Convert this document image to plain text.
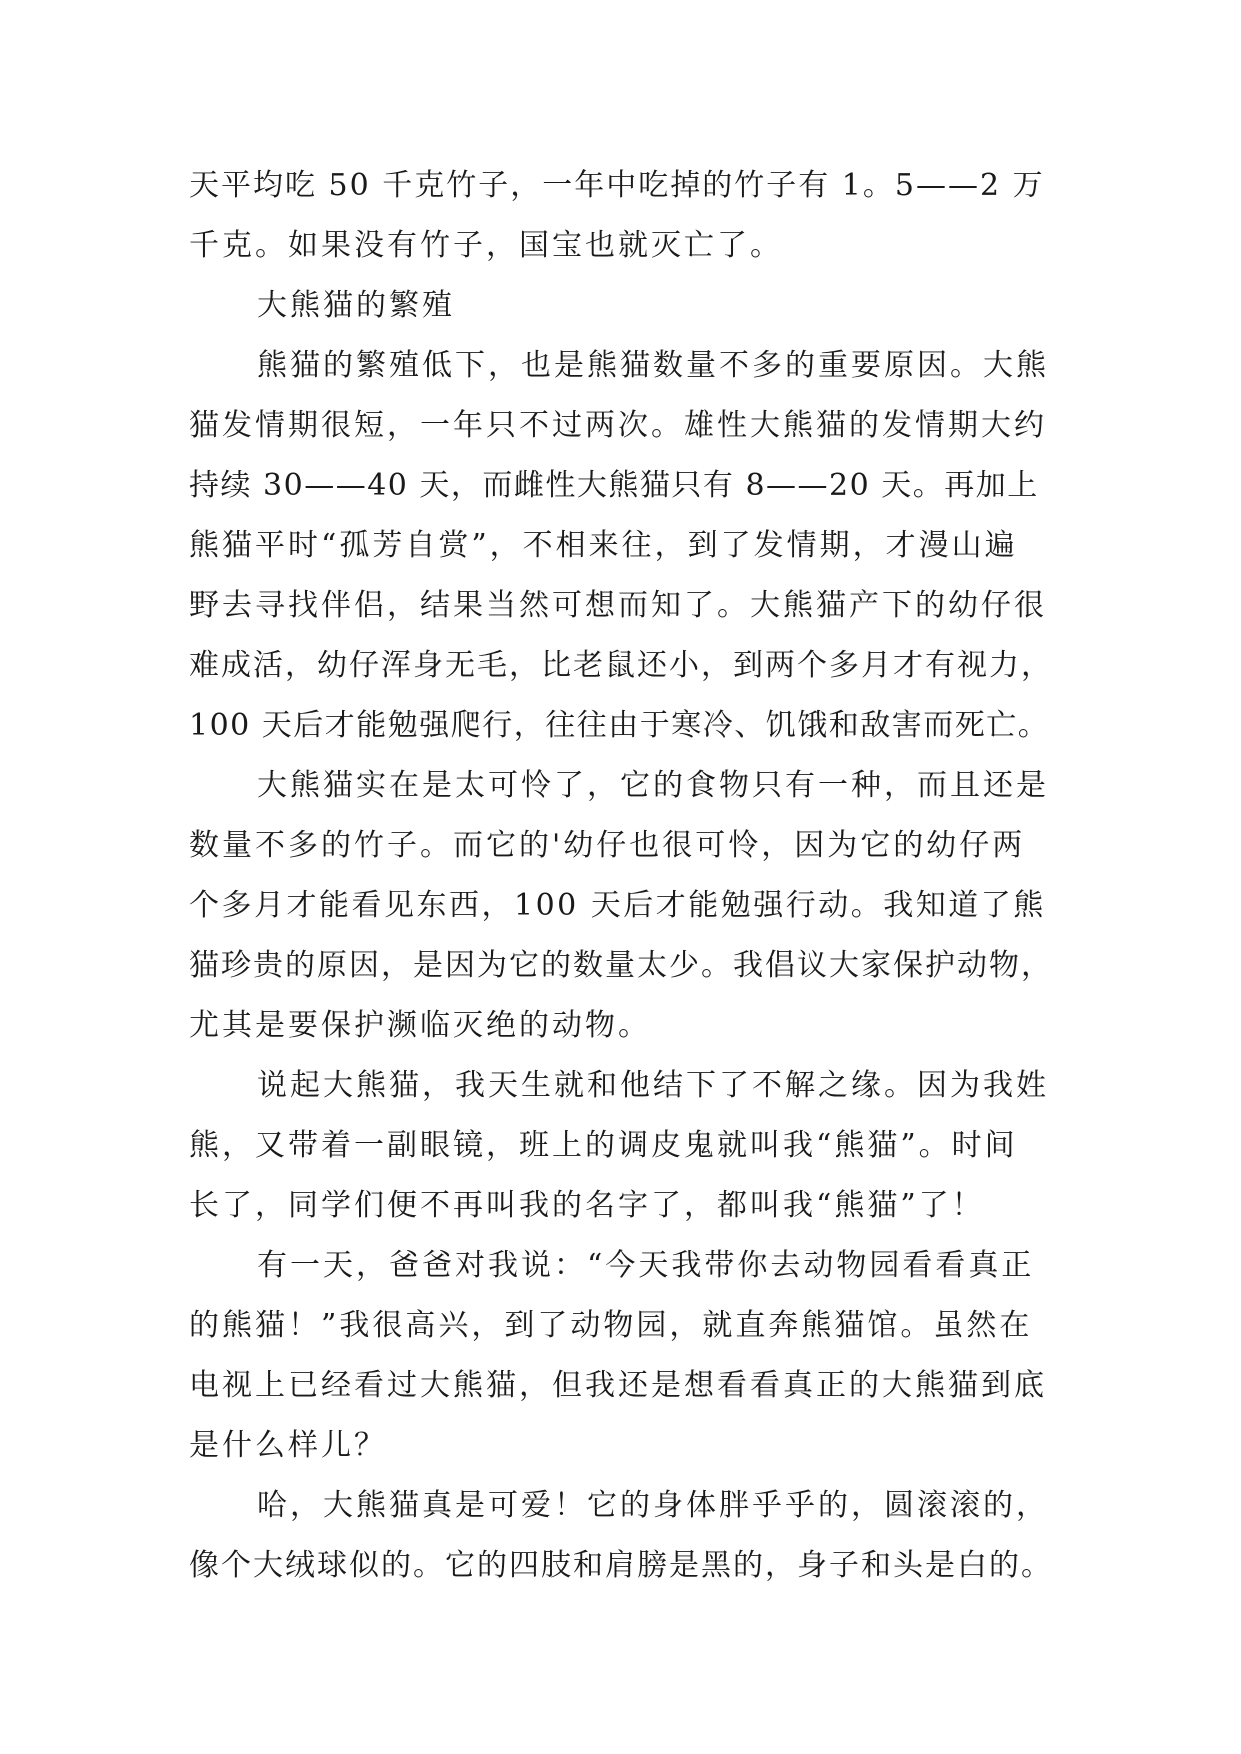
天平均吃 50 千克竹子，一年中吃掉的竹子有 1。5——2 万
千克。如果没有竹子，国宝也就灭亡了。
大熊猫的繁殖
熊猫的繁殖低下，也是熊猫数量不多的重要原因。大熊
猫发情期很短，一年只不过两次。雄性大熊猫的发情期大约
持续 30——40 天，而雌性大熊猫只有 8——20 天。再加上
熊猫平时“孤芳自赏”，不相来往，到了发情期，才漫山遍
野去寻找伴侣，结果当然可想而知了。大熊猫产下的幼仔很
难成活，幼仔浑身无毛，比老鼠还小，到两个多月才有视力，
100 天后才能勉强爬行，往往由于寒冷、饥饿和敌害而死亡。
大熊猫实在是太可怜了，它的食物只有一种，而且还是
数量不多的竹子。而它的'幼仔也很可怜，因为它的幼仔两
个多月才能看见东西，100 天后才能勉强行动。我知道了熊
猫珍贵的原因，是因为它的数量太少。我倡议大家保护动物，
尤其是要保护濒临灭绝的动物。
说起大熊猫，我天生就和他结下了不解之缘。因为我姓
熊，又带着一副眼镜，班上的调皮鬼就叫我“熊猫”。时间
长了，同学们便不再叫我的名字了，都叫我“熊猫”了！
有一天，爸爸对我说：“今天我带你去动物园看看真正
的熊猫！”我很高兴，到了动物园，就直奔熊猫馆。虽然在
电视上已经看过大熊猫，但我还是想看看真正的大熊猫到底
是什么样儿？
哈，大熊猫真是可爱！它的身体胖乎乎的，圆滚滚的，
像个大绒球似的。它的四肢和肩膀是黑的，身子和头是白的。
